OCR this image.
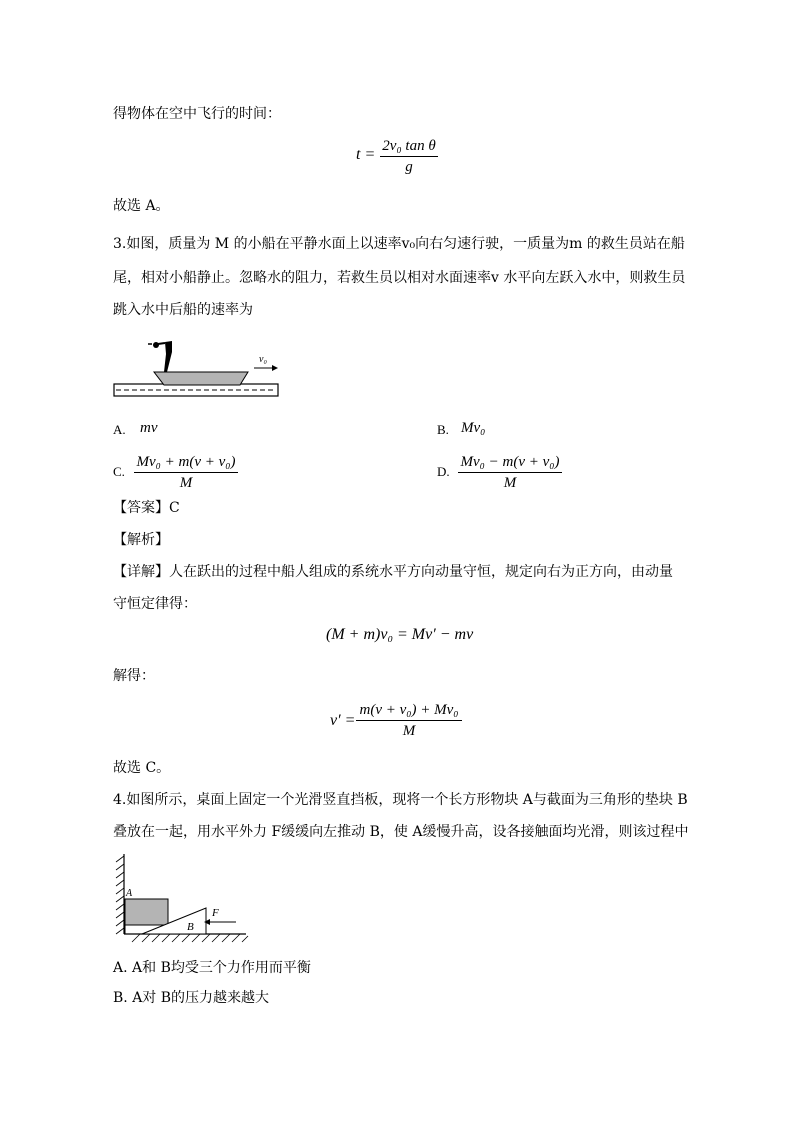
得物体在空中飞行的时间：
$t = \frac{\text{2v₀ tan θ}}{g}$
故选 A。
3.如图，质量为 M 的小船在平静水面上以速率v₀向右匀速行驶，一质量为m 的救生员站在船
尾，相对小船静止。忽略水的阻力，若救生员以相对水面速率v 水平向左跃入水中，则救生员
跳入水中后船的速率为
v₀
A. mv	B. Mv₀
C. $\frac{\text{Mv₀ + m(v + v₀)}}{M}$	D. $\frac{\text{Mv₀ − m(v + v₀)}}{M}$
【答案】C
【解析】
【详解】人在跃出的过程中船人组成的系统水平方向动量守恒，规定向右为正方向，由动量
守恒定律得：
(M + m)v₀ = Mv′ − mv
解得：
$v' = \frac{\text{m(v + v₀) + Mv₀}}{M}$
故选 C。
4.如图所示，桌面上固定一个光滑竖直挡板，现将一个长方形物块 A与截面为三角形的垫块 B
叠放在一起，用水平外力 F缓缓向左推动 B，使 A缓慢升高，设各接触面均光滑，则该过程中
A
B
F
A. A和 B均受三个力作用而平衡
B. A对 B的压力越来越大
